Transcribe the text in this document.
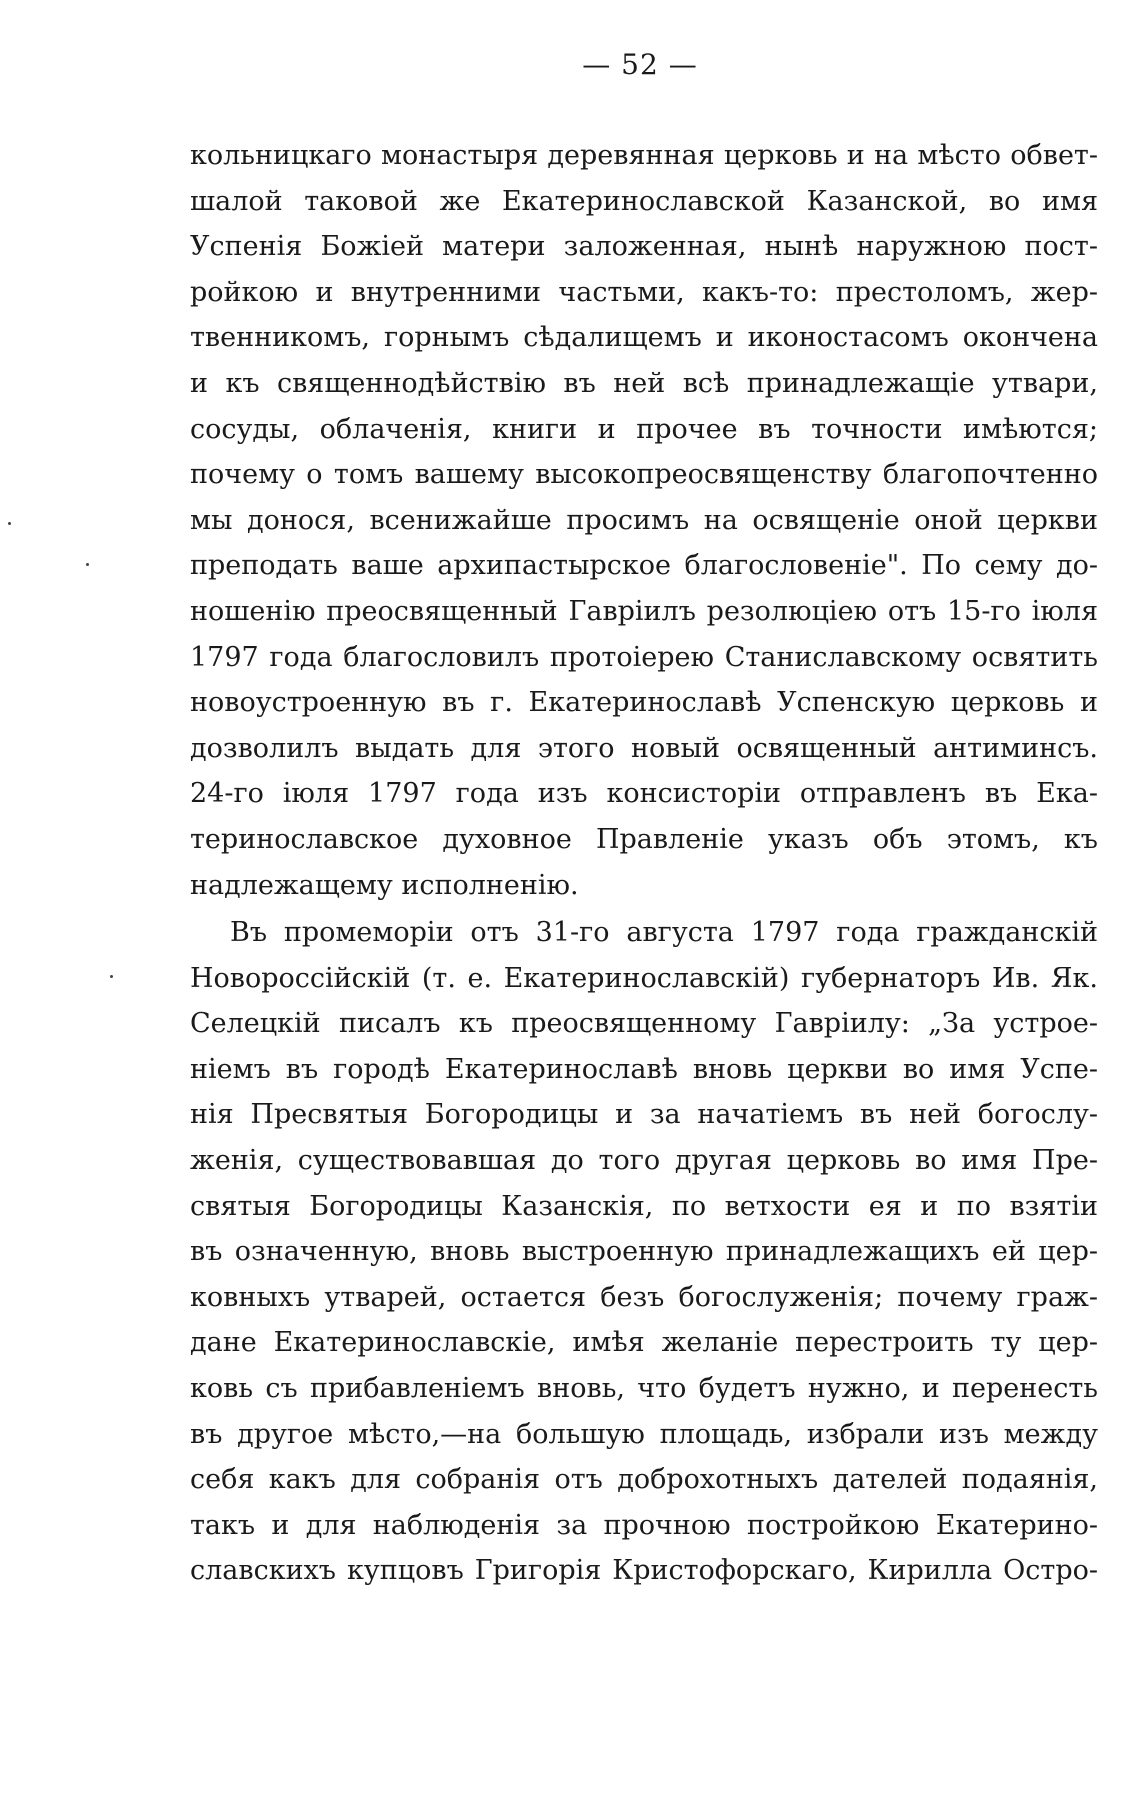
— 52 —
кольницкаго монастыря деревянная церковь и на мѣсто обвет-
шалой таковой же Екатеринославской Казанской, во имя
Успенія Божіей матери заложенная, нынѣ наружною пост-
ройкою и внутренними частьми, какъ-то: престоломъ, жер-
твенникомъ, горнымъ сѣдалищемъ и иконостасомъ окончена
и къ священнодѣйствію въ ней всѣ принадлежащіе утвари,
сосуды, облаченія, книги и прочее въ точности имѣются;
почему о томъ вашему высокопреосвященству благопочтенно
мы донося, всенижайше просимъ на освященіе оной церкви
преподать ваше архипастырское благословеніе". По сему до-
ношенію преосвященный Гавріилъ резолюціею отъ 15-го іюля
1797 года благословилъ протоіерею Станиславскому освятить
новоустроенную въ г. Екатеринославѣ Успенскую церковь и
дозволилъ выдать для этого новый освященный антиминсъ.
24-го іюля 1797 года изъ консисторіи отправленъ въ Ека-
теринославское духовное Правленіе указъ объ этомъ, къ
надлежащему исполненію.
Въ промеморіи отъ 31-го августа 1797 года гражданскій
Новороссійскій (т. е. Екатеринославскій) губернаторъ Ив. Як.
Селецкій писалъ къ преосвященному Гавріилу: „За устрое-
ніемъ въ городѣ Екатеринославѣ вновь церкви во имя Успе-
нія Пресвятыя Богородицы и за начатіемъ въ ней богослу-
женія, существовавшая до того другая церковь во имя Пре-
святыя Богородицы Казанскія, по ветхости ея и по взятіи
въ означенную, вновь выстроенную принадлежащихъ ей цер-
ковныхъ утварей, остается безъ богослуженія; почему граж-
дане Екатеринославскіе, имѣя желаніе перестроить ту цер-
ковь съ прибавленіемъ вновь, что будетъ нужно, и перенесть
въ другое мѣсто,—на большую площадь, избрали изъ между
себя какъ для собранія отъ доброхотныхъ дателей подаянія,
такъ и для наблюденія за прочною постройкою Екатерино-
славскихъ купцовъ Григорія Кристофорскаго, Кирилла Остро-
